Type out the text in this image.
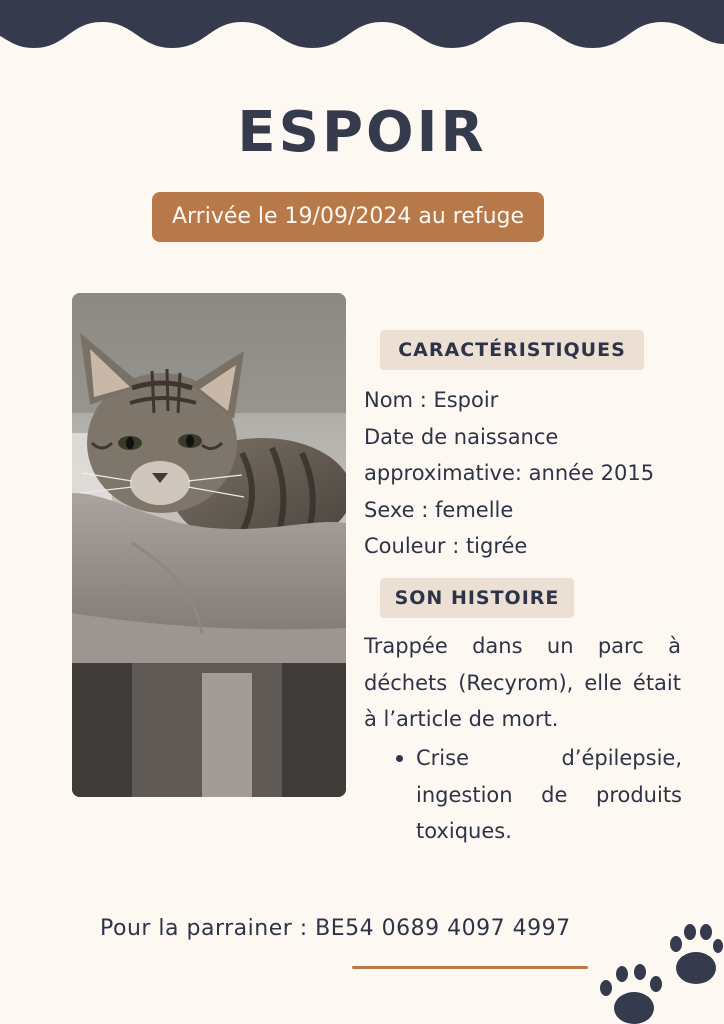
ESPOIR
Arrivée le 19/09/2024 au refuge
CARACTÉRISTIQUES
Nom : Espoir
Date de naissance
approximative: année 2015
Sexe : femelle
Couleur : tigrée
SON HISTOIRE

Trappée dans un parc à déchets (Recyrom), elle était à l’article de mort.

Crise d’épilepsie, ingestion de produits toxiques.
Pour la parrainer : BE54 0689 4097 4997
